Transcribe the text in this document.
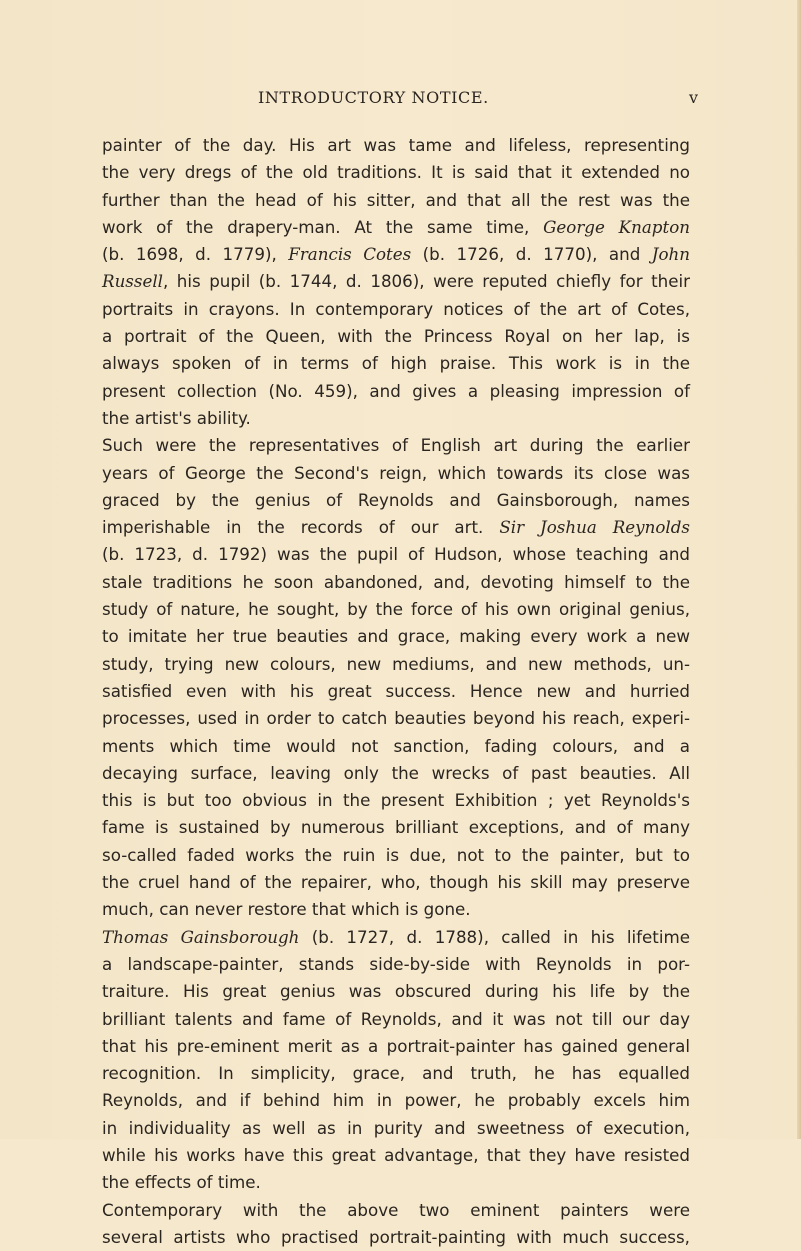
INTRODUCTORY NOTICE.	v
painter of the day. His art was tame and lifeless, representing
the very dregs of the old traditions. It is said that it extended no
further than the head of his sitter, and that all the rest was the
work of the drapery-man. At the same time, George Knapton
(b. 1698, d. 1779), Francis Cotes (b. 1726, d. 1770), and John
Russell, his pupil (b. 1744, d. 1806), were reputed chiefly for their
portraits in crayons. In contemporary notices of the art of Cotes,
a portrait of the Queen, with the Princess Royal on her lap, is
always spoken of in terms of high praise. This work is in the
present collection (No. 459), and gives a pleasing impression of
the artist's ability.
Such were the representatives of English art during the earlier
years of George the Second's reign, which towards its close was
graced by the genius of Reynolds and Gainsborough, names
imperishable in the records of our art. Sir Joshua Reynolds
(b. 1723, d. 1792) was the pupil of Hudson, whose teaching and
stale traditions he soon abandoned, and, devoting himself to the
study of nature, he sought, by the force of his own original genius,
to imitate her true beauties and grace, making every work a new
study, trying new colours, new mediums, and new methods, un-
satisfied even with his great success. Hence new and hurried
processes, used in order to catch beauties beyond his reach, experi-
ments which time would not sanction, fading colours, and a
decaying surface, leaving only the wrecks of past beauties. All
this is but too obvious in the present Exhibition ; yet Reynolds's
fame is sustained by numerous brilliant exceptions, and of many
so-called faded works the ruin is due, not to the painter, but to
the cruel hand of the repairer, who, though his skill may preserve
much, can never restore that which is gone.
Thomas Gainsborough (b. 1727, d. 1788), called in his lifetime
a landscape-painter, stands side-by-side with Reynolds in por-
traiture. His great genius was obscured during his life by the
brilliant talents and fame of Reynolds, and it was not till our day
that his pre-eminent merit as a portrait-painter has gained general
recognition. In simplicity, grace, and truth, he has equalled
Reynolds, and if behind him in power, he probably excels him
in individuality as well as in purity and sweetness of execution,
while his works have this great advantage, that they have resisted
the effects of time.
Contemporary with the above two eminent painters were
several artists who practised portrait-painting with much success,
